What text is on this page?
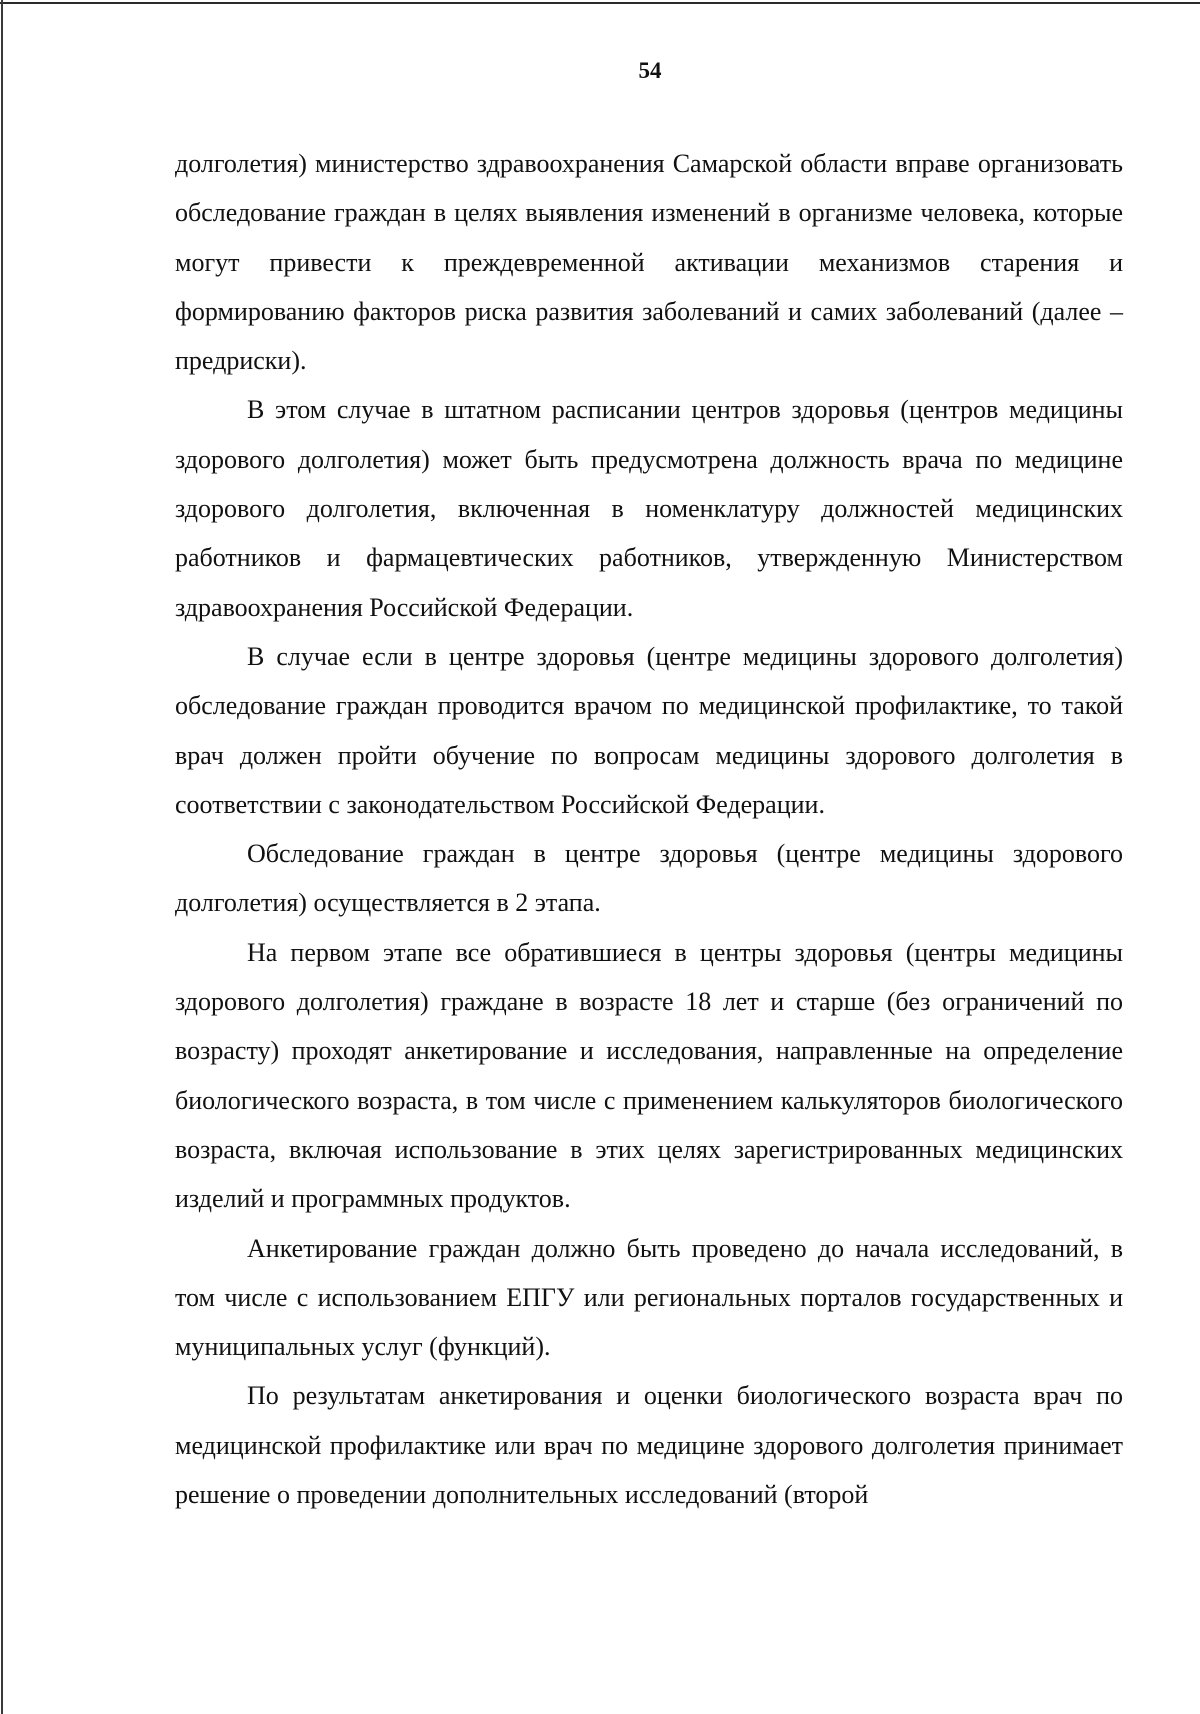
54

долголетия) министерство здравоохранения Самарской области вправе организовать обследование граждан в целях выявления изменений в организме человека, которые могут привести к преждевременной активации механизмов старения и формированию факторов риска развития заболеваний и самих заболеваний (далее – предриски).

В этом случае в штатном расписании центров здоровья (центров медицины здорового долголетия) может быть предусмотрена должность врача по медицине здорового долголетия, включенная в номенклатуру должностей медицинских работников и фармацевтических работников, утвержденную Министерством здравоохранения Российской Федерации.

В случае если в центре здоровья (центре медицины здорового долголетия) обследование граждан проводится врачом по медицинской профилактике, то такой врач должен пройти обучение по вопросам медицины здорового долголетия в соответствии с законодательством Российской Федерации.

Обследование граждан в центре здоровья (центре медицины здорового долголетия) осуществляется в 2 этапа.

На первом этапе все обратившиеся в центры здоровья (центры медицины здорового долголетия) граждане в возрасте 18 лет и старше (без ограничений по возрасту) проходят анкетирование и исследования, направленные на определение биологического возраста, в том числе с применением калькуляторов биологического возраста, включая использование в этих целях зарегистрированных медицинских изделий и программных продуктов.

Анкетирование граждан должно быть проведено до начала исследований, в том числе с использованием ЕПГУ или региональных порталов государственных и муниципальных услуг (функций).

По результатам анкетирования и оценки биологического возраста врач по медицинской профилактике или врач по медицине здорового долголетия принимает решение о проведении дополнительных исследований (второй
